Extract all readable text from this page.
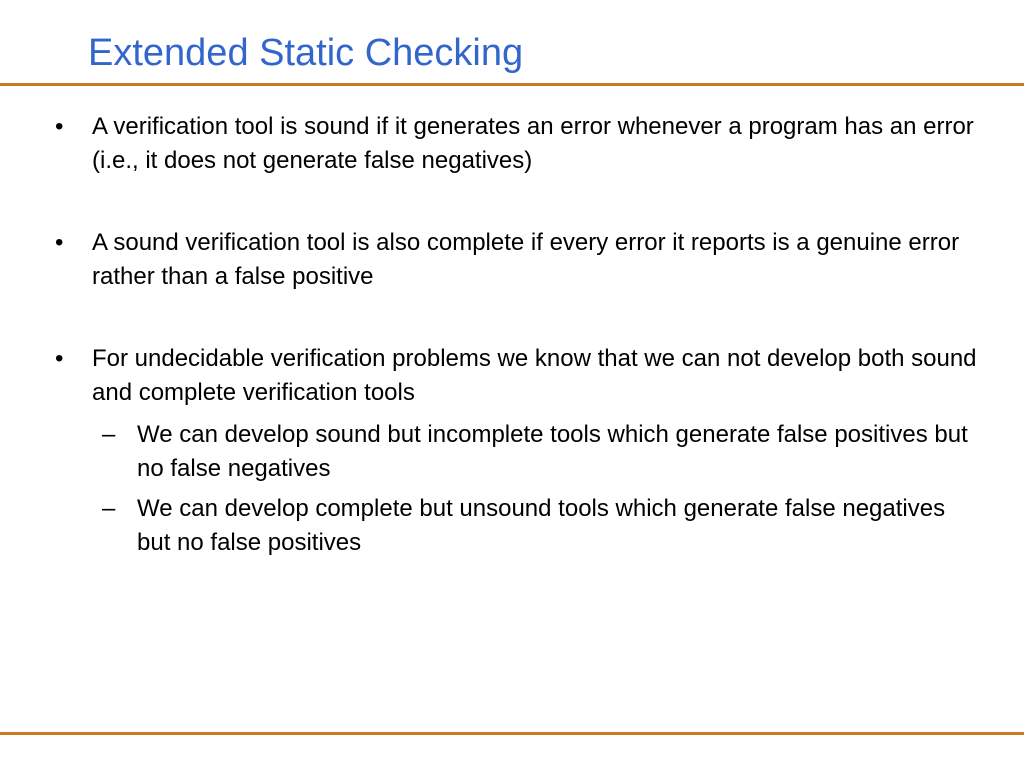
Extended Static Checking
•	A verification tool is sound if it generates an error whenever a program has an error (i.e., it does not generate false negatives)
•	A sound verification tool is also complete if every error it reports is a genuine error rather than a false positive
•	For undecidable verification problems we know that we can not develop both sound and complete verification tools
– We can develop sound but incomplete tools which generate false positives but no false negatives
– We can develop complete but unsound tools which generate false negatives but no false positives
